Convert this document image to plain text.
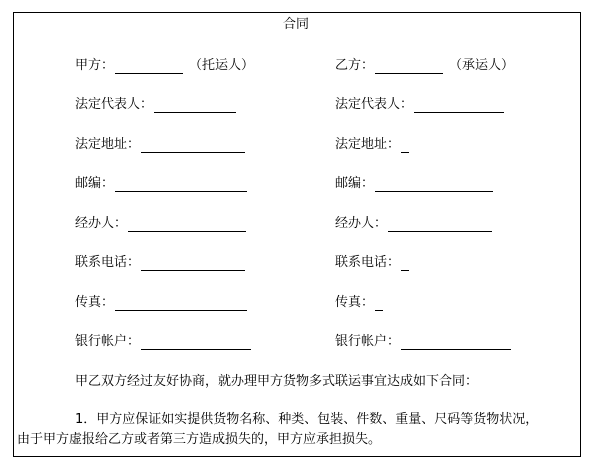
合同
甲方：	（托运人）
法定代表人：
法定地址：
邮编：
经办人：
联系电话：
传真：
银行帐户：
乙方：	（承运人）
法定代表人：
法定地址：
邮编：
经办人：
联系电话：
传真：
银行帐户：
甲乙双方经过友好协商，就办理甲方货物多式联运事宜达成如下合同：
1．甲方应保证如实提供货物名称、种类、包装、件数、重量、尺码等货物状况，
由于甲方虚报给乙方或者第三方造成损失的，甲方应承担损失。
